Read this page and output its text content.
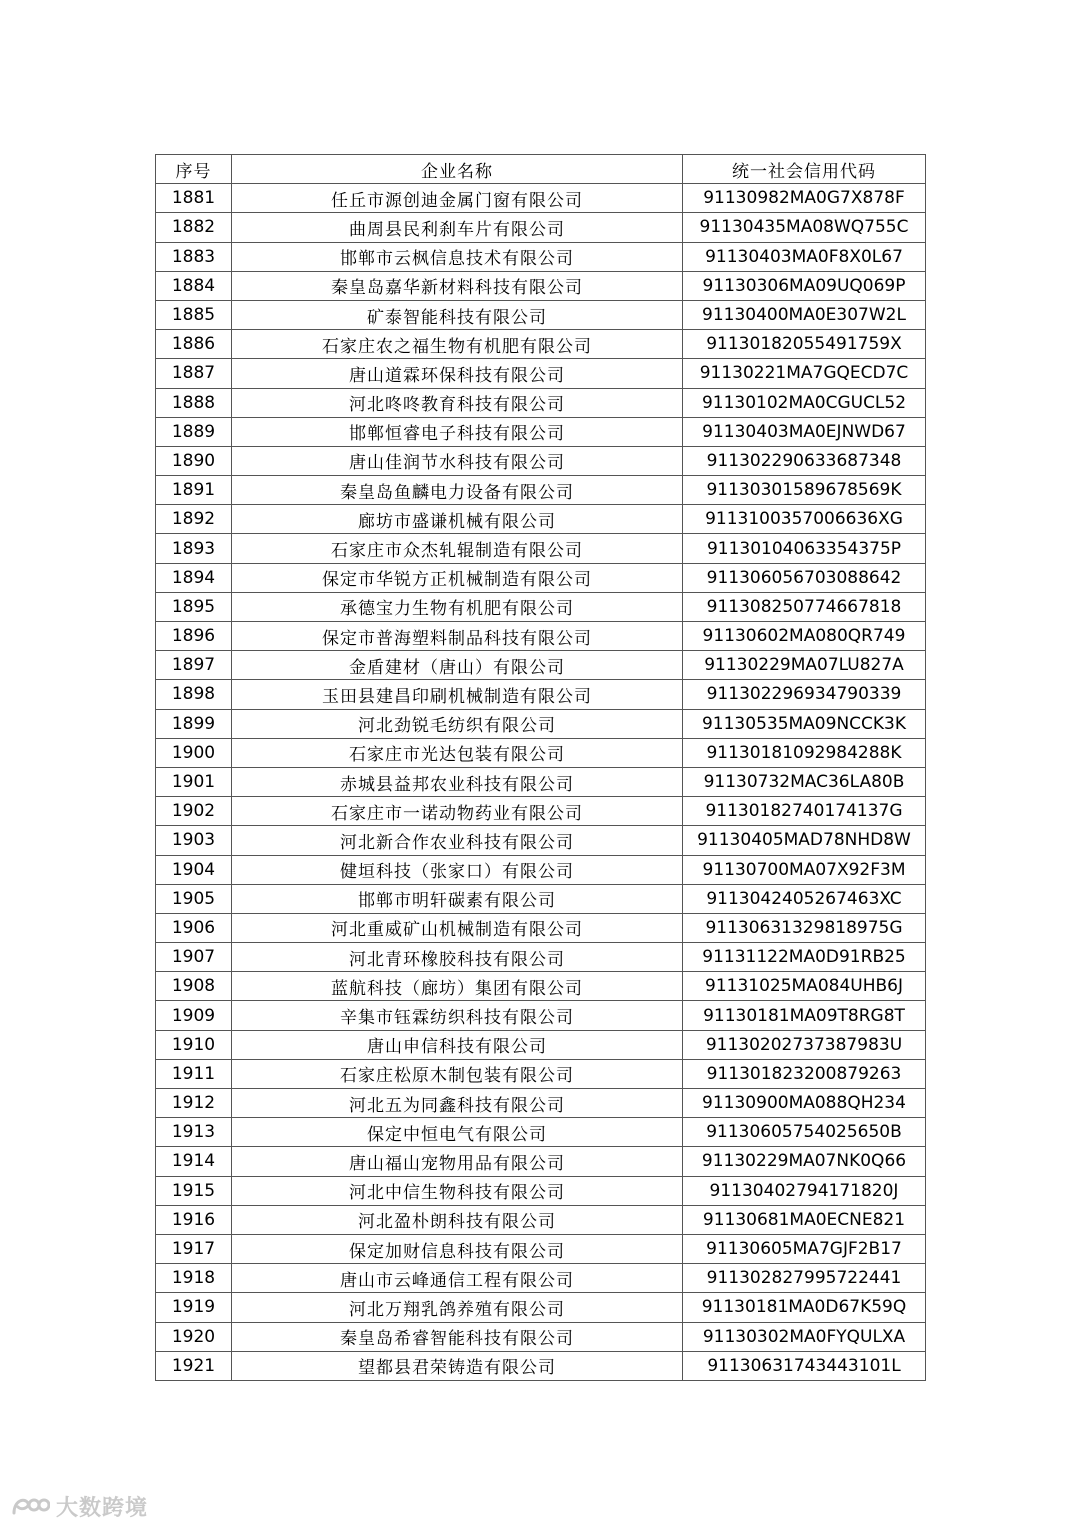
序号	企业名称	统一社会信用代码
1881	任丘市源创迪金属门窗有限公司	91130982MA0G7X878F
1882	曲周县民利刹车片有限公司	91130435MA08WQ755C
1883	邯郸市云枫信息技术有限公司	91130403MA0F8X0L67
1884	秦皇岛嘉华新材料科技有限公司	91130306MA09UQ069P
1885	矿泰智能科技有限公司	91130400MA0E307W2L
1886	石家庄农之福生物有机肥有限公司	91130182055491759X
1887	唐山道霖环保科技有限公司	91130221MA7GQECD7C
1888	河北咚咚教育科技有限公司	91130102MA0CGUCL52
1889	邯郸恒睿电子科技有限公司	91130403MA0EJNWD67
1890	唐山佳润节水科技有限公司	911302290633687348
1891	秦皇岛鱼麟电力设备有限公司	91130301589678569K
1892	廊坊市盛谦机械有限公司	9113100357006636XG
1893	石家庄市众杰轧辊制造有限公司	91130104063354375P
1894	保定市华锐方正机械制造有限公司	911306056703088642
1895	承德宝力生物有机肥有限公司	911308250774667818
1896	保定市普海塑料制品科技有限公司	91130602MA080QR749
1897	金盾建材（唐山）有限公司	91130229MA07LU827A
1898	玉田县建昌印刷机械制造有限公司	911302296934790339
1899	河北劲锐毛纺织有限公司	91130535MA09NCCK3K
1900	石家庄市光达包装有限公司	91130181092984288K
1901	赤城县益邦农业科技有限公司	91130732MAC36LA80B
1902	石家庄市一诺动物药业有限公司	91130182740174137G
1903	河北新合作农业科技有限公司	91130405MAD78NHD8W
1904	健垣科技（张家口）有限公司	91130700MA07X92F3M
1905	邯郸市明轩碳素有限公司	9113042405267463XC
1906	河北重威矿山机械制造有限公司	91130631329818975G
1907	河北青环橡胶科技有限公司	91131122MA0D91RB25
1908	蓝航科技（廊坊）集团有限公司	91131025MA084UHB6J
1909	辛集市钰霖纺织科技有限公司	91130181MA09T8RG8T
1910	唐山申信科技有限公司	91130202737387983U
1911	石家庄松原木制包装有限公司	911301823200879263
1912	河北五为同鑫科技有限公司	91130900MA088QH234
1913	保定中恒电气有限公司	91130605754025650B
1914	唐山福山宠物用品有限公司	91130229MA07NK0Q66
1915	河北中信生物科技有限公司	91130402794171820J
1916	河北盈朴朗科技有限公司	91130681MA0ECNE821
1917	保定加财信息科技有限公司	91130605MA7GJF2B17
1918	唐山市云峰通信工程有限公司	911302827995722441
1919	河北万翔乳鸽养殖有限公司	91130181MA0D67K59Q
1920	秦皇岛希睿智能科技有限公司	91130302MA0FYQULXA
1921	望都县君荣铸造有限公司	91130631743443101L
大数跨境
